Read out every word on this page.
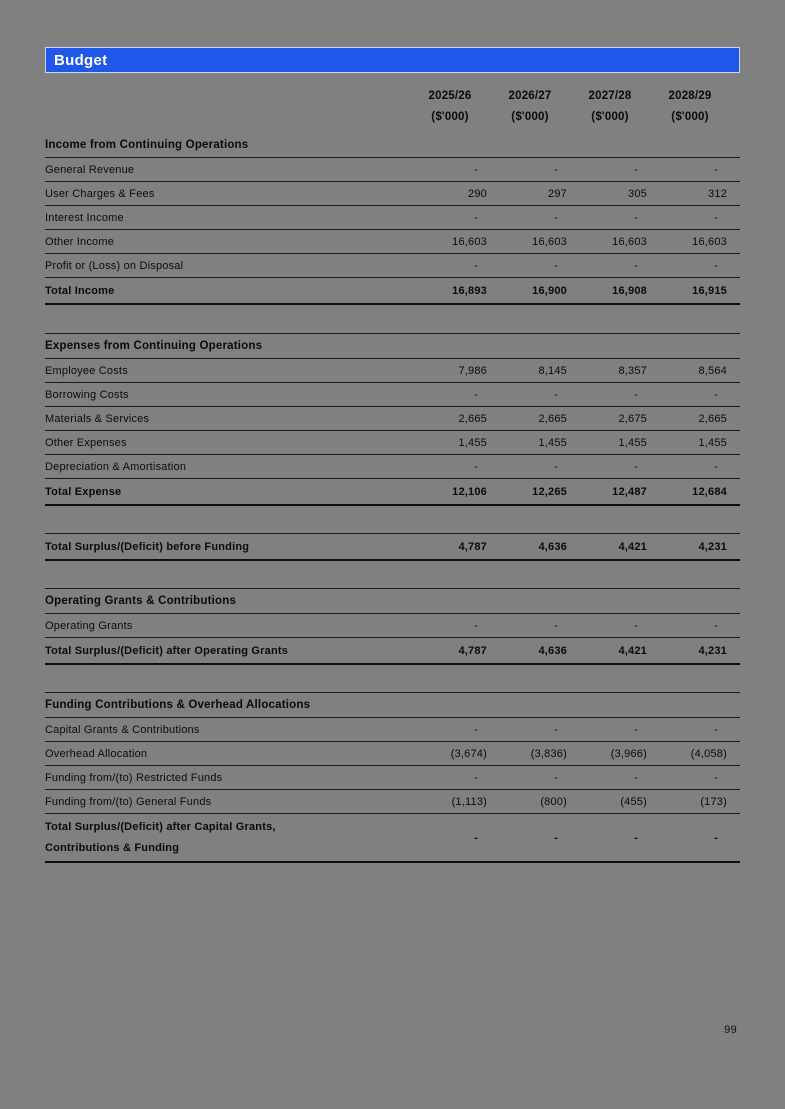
Budget
2025/26	2026/27	2027/28	2028/29
($'000)	($'000)	($'000)	($'000)
Income from Continuing Operations
General Revenue	-	-	-	-
User Charges & Fees	290	297	305	312
Interest Income	-	-	-	-
Other Income	16,603	16,603	16,603	16,603
Profit or (Loss) on Disposal	-	-	-	-
Total Income	16,893	16,900	16,908	16,915
Expenses from Continuing Operations
Employee Costs	7,986	8,145	8,357	8,564
Borrowing Costs	-	-	-	-
Materials & Services	2,665	2,665	2,675	2,665
Other Expenses	1,455	1,455	1,455	1,455
Depreciation & Amortisation	-	-	-	-
Total Expense	12,106	12,265	12,487	12,684
Total Surplus/(Deficit) before Funding	4,787	4,636	4,421	4,231
Operating Grants & Contributions
Operating Grants	-	-	-	-
Total Surplus/(Deficit) after Operating Grants	4,787	4,636	4,421	4,231
Funding Contributions & Overhead Allocations
Capital Grants & Contributions	-	-	-	-
Overhead Allocation	(3,674)	(3,836)	(3,966)	(4,058)
Funding from/(to) Restricted Funds	-	-	-	-
Funding from/(to) General Funds	(1,113)	(800)	(455)	(173)
Total Surplus/(Deficit) after Capital Grants,
Contributions & Funding
-	-	-	-
99
